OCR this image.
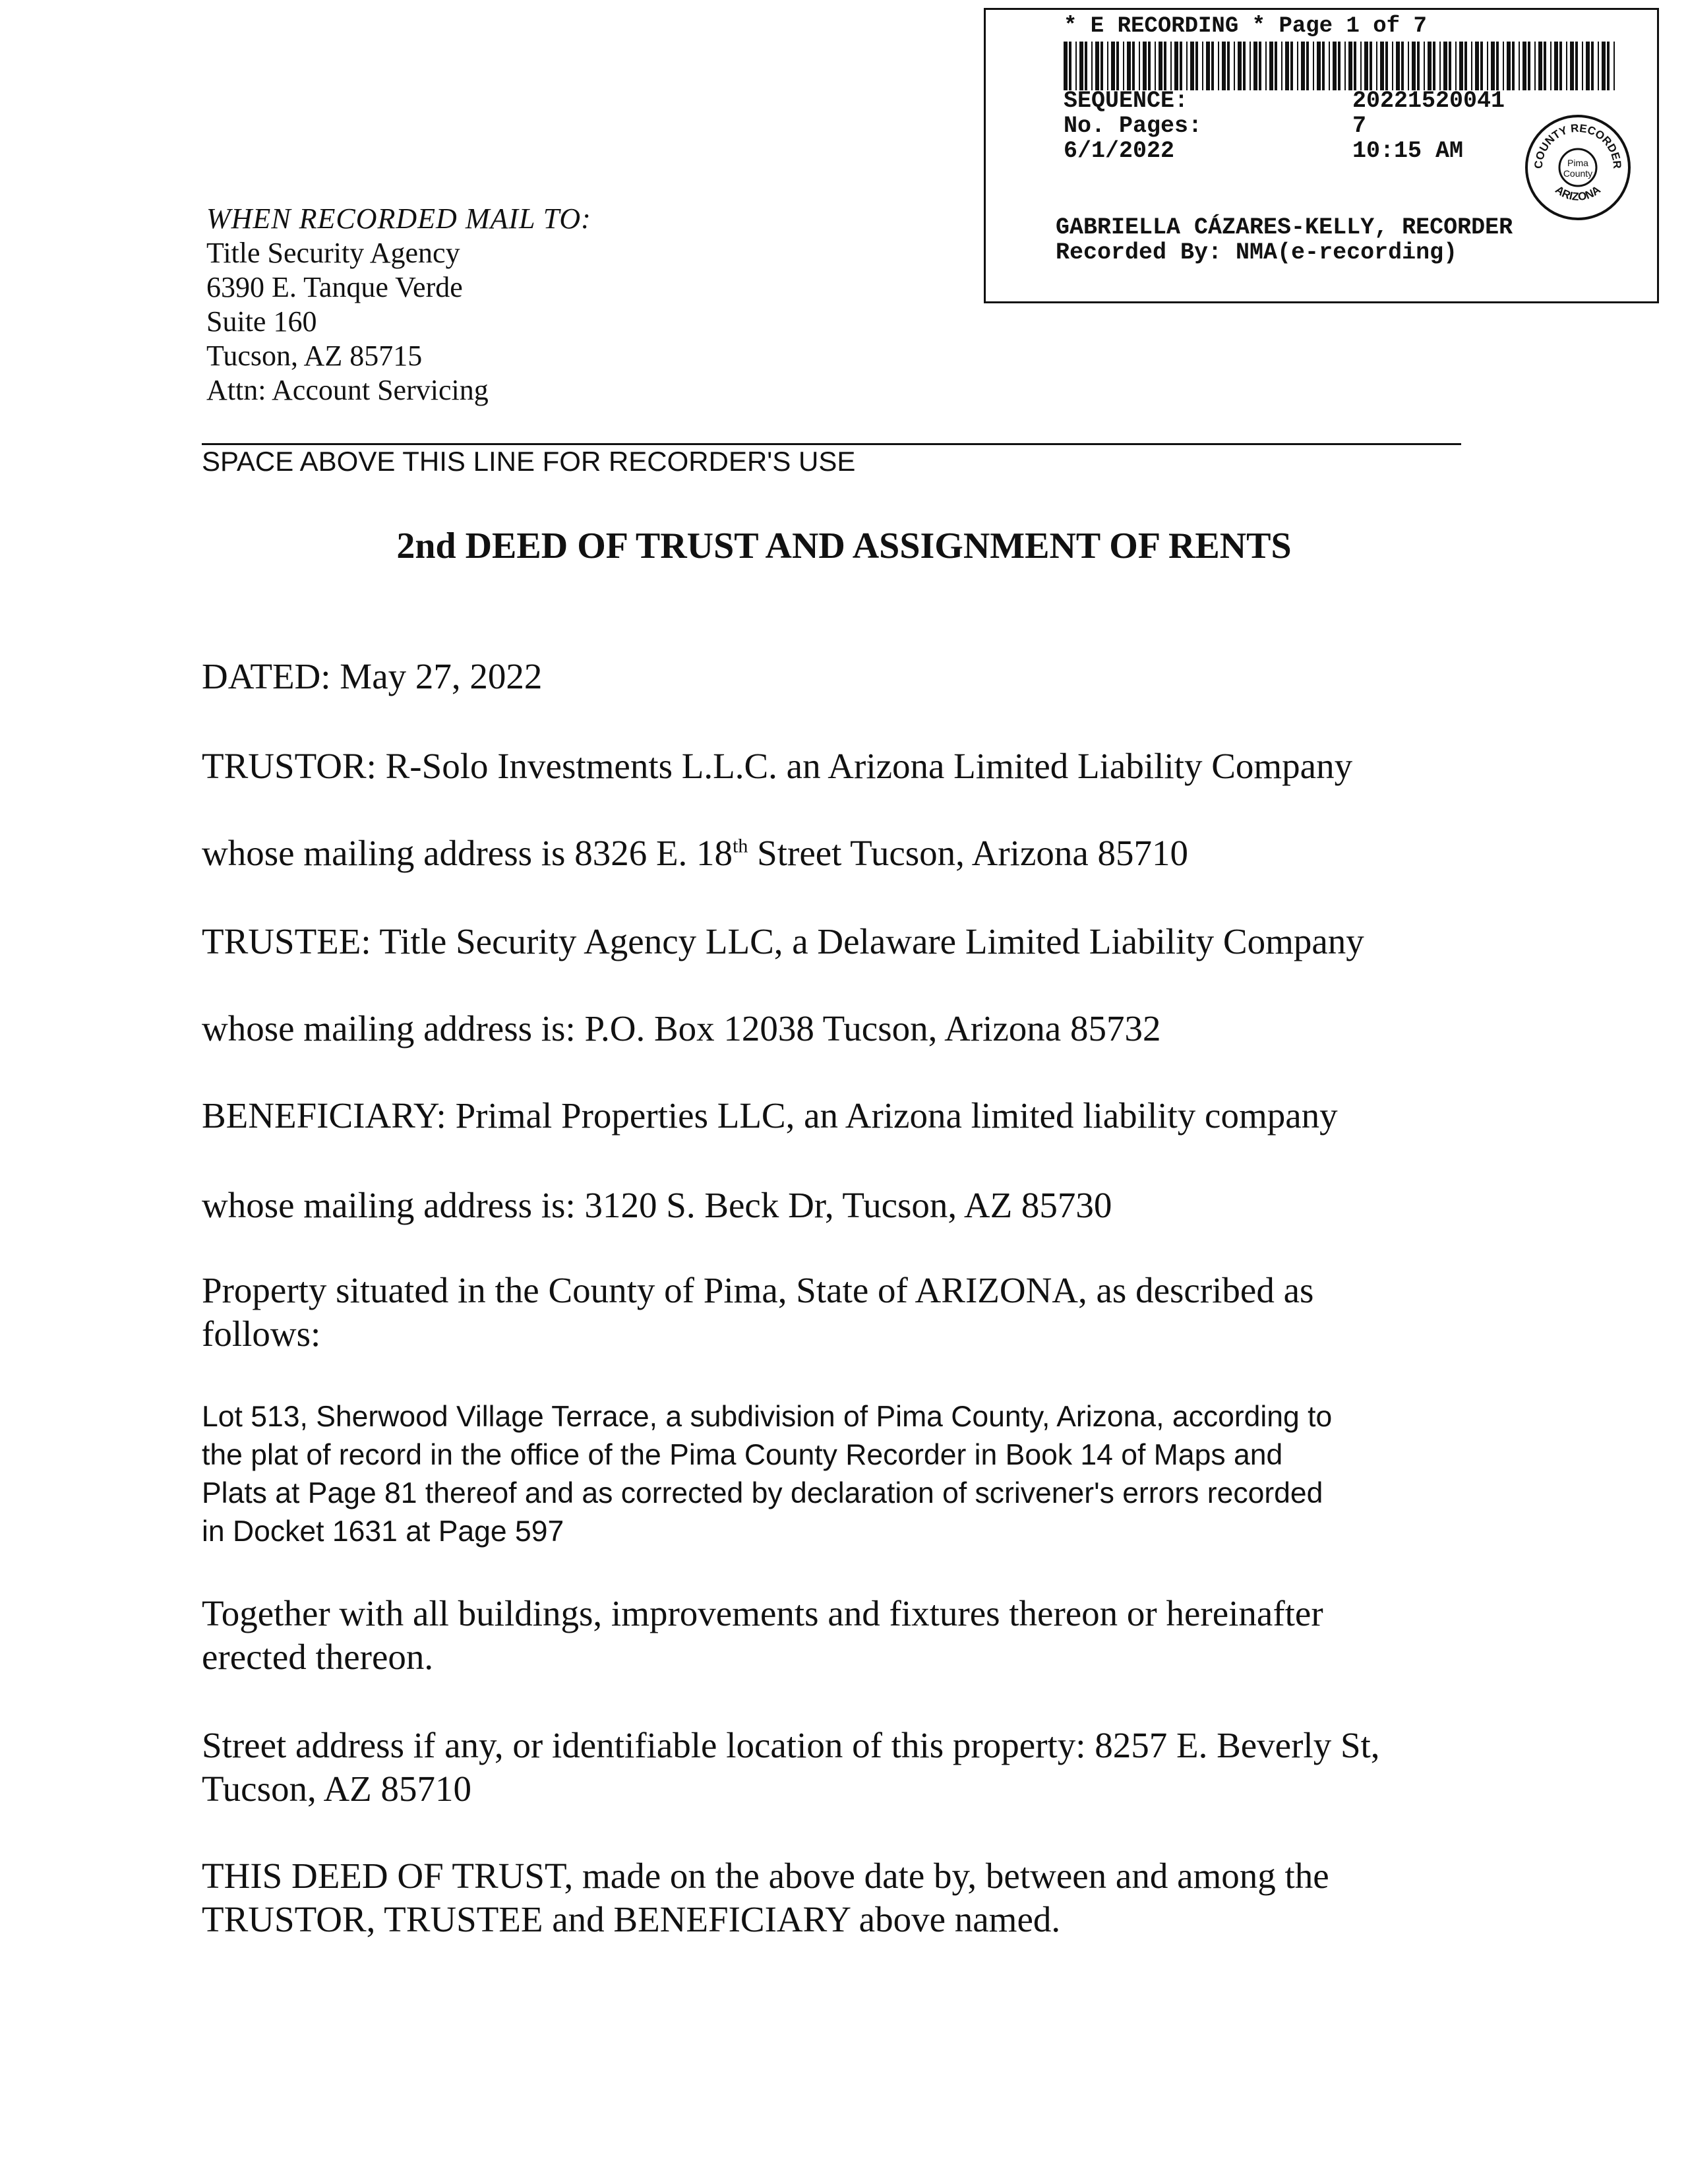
* E RECORDING * Page 1 of 7
SEQUENCE:	20221520041
No. Pages:	7
6/1/2022	10:15 AM
COUNTY RECORDER
ARIZONA
Pima
County
GABRIELLA CÁZARES-KELLY, RECORDER
Recorded By: NMA(e-recording)
WHEN RECORDED MAIL TO:
Title Security Agency
6390 E. Tanque Verde
Suite 160
Tucson, AZ 85715
Attn: Account Servicing
SPACE ABOVE THIS LINE FOR RECORDER'S USE
2nd DEED OF TRUST AND ASSIGNMENT OF RENTS
DATED: May 27, 2022
TRUSTOR: R-Solo Investments L.L.C. an Arizona Limited Liability Company
whose mailing address is 8326 E. 18th Street Tucson, Arizona 85710
TRUSTEE: Title Security Agency LLC, a Delaware Limited Liability Company
whose mailing address is: P.O. Box 12038 Tucson, Arizona 85732
BENEFICIARY: Primal Properties LLC, an Arizona limited liability company
whose mailing address is: 3120 S. Beck Dr, Tucson, AZ 85730
Property situated in the County of Pima, State of ARIZONA, as described as
follows:
Lot 513, Sherwood Village Terrace, a subdivision of Pima County, Arizona, according to
the plat of record in the office of the Pima County Recorder in Book 14 of Maps and
Plats at Page 81 thereof and as corrected by declaration of scrivener's errors recorded
in Docket 1631 at Page 597
Together with all buildings, improvements and fixtures thereon or hereinafter
erected thereon.
Street address if any, or identifiable location of this property: 8257 E. Beverly St,
Tucson, AZ 85710
THIS DEED OF TRUST, made on the above date by, between and among the
TRUSTOR, TRUSTEE and BENEFICIARY above named.
